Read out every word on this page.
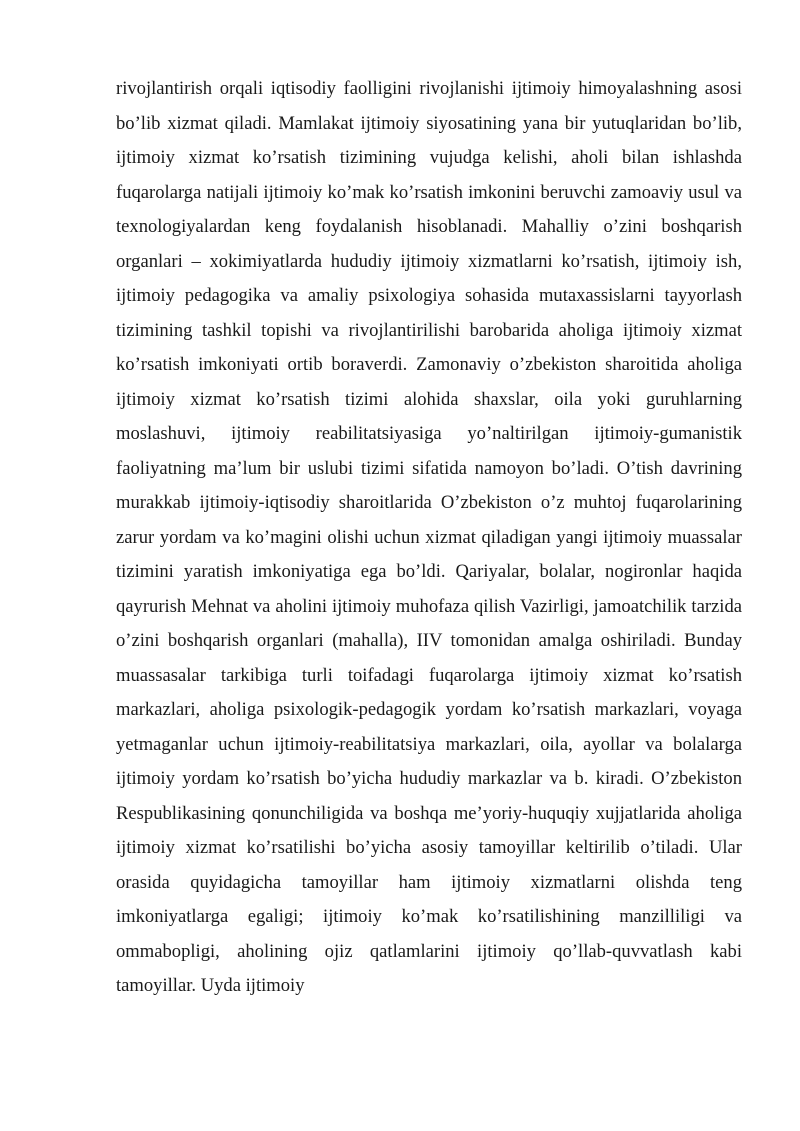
rivojlantirish orqali iqtisodiy faolligini rivojlanishi ijtimoiy himoyalashning asosi bo’lib xizmat qiladi. Mamlakat ijtimoiy siyosatining yana bir yutuqlaridan bo’lib, ijtimoiy xizmat ko’rsatish tizimining vujudga kelishi, aholi bilan ishlashda fuqarolarga natijali ijtimoiy ko’mak ko’rsatish imkonini beruvchi zamoaviy usul va texnologiyalardan keng foydalanish hisoblanadi. Mahalliy o’zini boshqarish organlari – xokimiyatlarda hududiy ijtimoiy xizmatlarni ko’rsatish, ijtimoiy ish, ijtimoiy pedagogika va amaliy psixologiya sohasida mutaxassislarni tayyorlash tizimining tashkil topishi va rivojlantirilishi barobarida aholiga ijtimoiy xizmat ko’rsatish imkoniyati ortib boraverdi. Zamonaviy o’zbekiston sharoitida aholiga ijtimoiy xizmat ko’rsatish tizimi alohida shaxslar, oila yoki guruhlarning moslashuvi, ijtimoiy reabilitatsiyasiga yo’naltirilgan ijtimoiy-gumanistik faoliyatning ma’lum bir uslubi tizimi sifatida namoyon bo’ladi. O’tish davrining murakkab ijtimoiy-iqtisodiy sharoitlarida O’zbekiston o’z muhtoj fuqarolarining zarur yordam va ko’magini olishi uchun xizmat qiladigan yangi ijtimoiy muassalar tizimini yaratish imkoniyatiga ega bo’ldi. Qariyalar, bolalar, nogironlar haqida qayrurish Mehnat va aholini ijtimoiy muhofaza qilish Vazirligi, jamoatchilik tarzida o’zini boshqarish organlari (mahalla), IIV tomonidan amalga oshiriladi. Bunday muassasalar tarkibiga turli toifadagi fuqarolarga ijtimoiy xizmat ko’rsatish markazlari, aholiga psixologik-pedagogik yordam ko’rsatish markazlari, voyaga yetmaganlar uchun ijtimoiy-reabilitatsiya markazlari, oila, ayollar va bolalarga ijtimoiy yordam ko’rsatish bo’yicha hududiy markazlar va b. kiradi. O’zbekiston Respublikasining qonunchiligida va boshqa me’yoriy-huquqiy xujjatlarida aholiga ijtimoiy xizmat ko’rsatilishi bo’yicha asosiy tamoyillar keltirilib o’tiladi. Ular orasida quyidagicha tamoyillar ham ijtimoiy xizmatlarni olishda teng imkoniyatlarga egaligi; ijtimoiy ko’mak ko’rsatilishining manzilliligi va ommabopligi, aholining ojiz qatlamlarini ijtimoiy qo’llab-quvvatlash kabi tamoyillar. Uyda ijtimoiy
